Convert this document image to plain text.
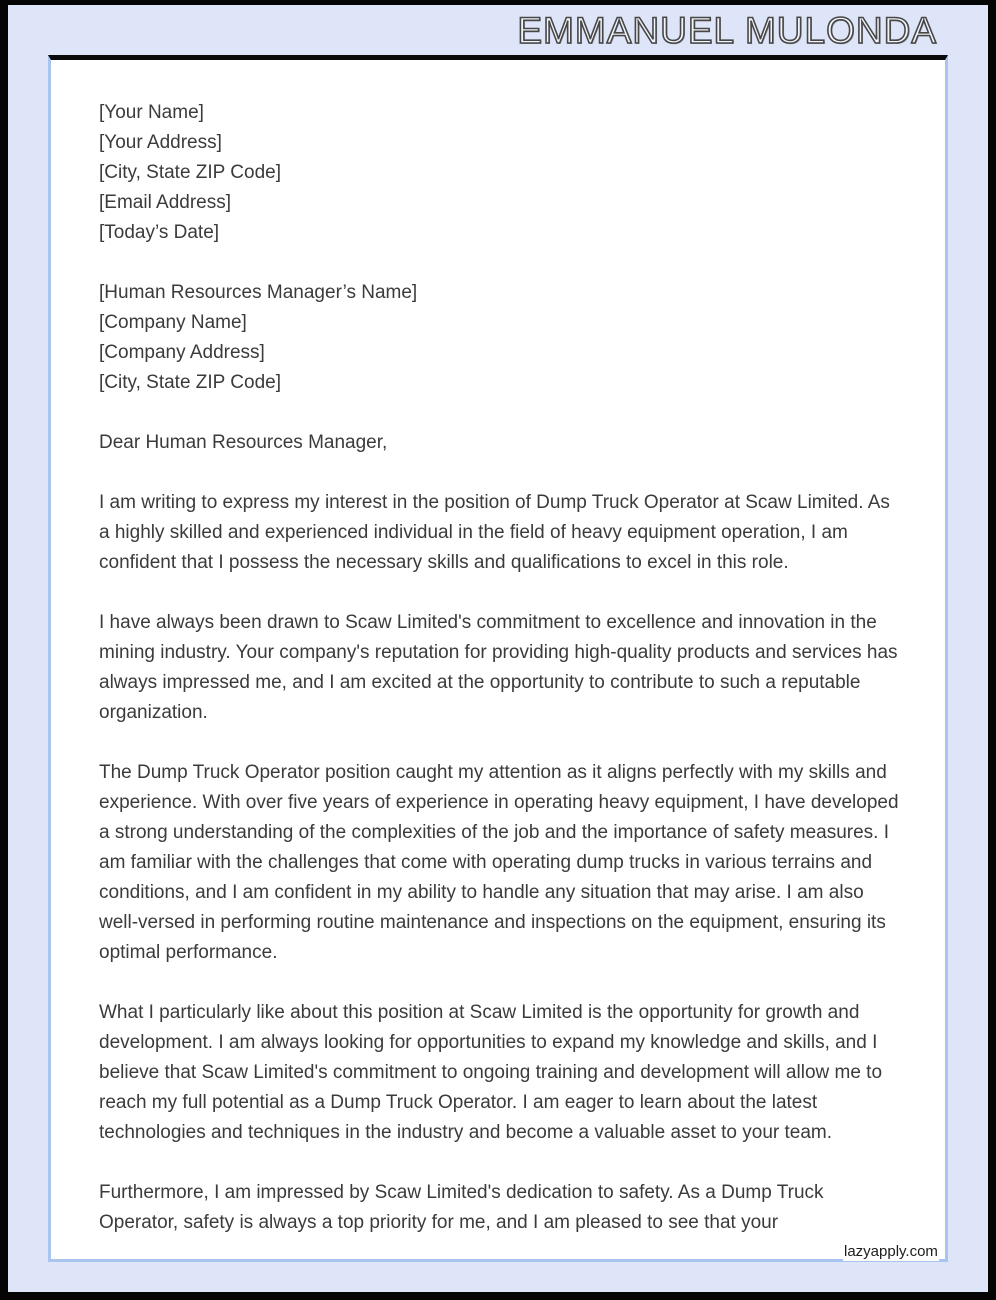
EMMANUEL MULONDA
[Your Name]
[Your Address]
[City, State ZIP Code]
[Email Address]
[Today’s Date]
[Human Resources Manager’s Name]
[Company Name]
[Company Address]
[City, State ZIP Code]

Dear Human Resources Manager,

I am writing to express my interest in the position of Dump Truck Operator at Scaw Limited. As a highly skilled and experienced individual in the field of heavy equipment operation, I am confident that I possess the necessary skills and qualifications to excel in this role.

I have always been drawn to Scaw Limited's commitment to excellence and innovation in the mining industry. Your company's reputation for providing high-quality products and services has always impressed me, and I am excited at the opportunity to contribute to such a reputable organization.

The Dump Truck Operator position caught my attention as it aligns perfectly with my skills and experience. With over five years of experience in operating heavy equipment, I have developed a strong understanding of the complexities of the job and the importance of safety measures. I am familiar with the challenges that come with operating dump trucks in various terrains and conditions, and I am confident in my ability to handle any situation that may arise. I am also well-versed in performing routine maintenance and inspections on the equipment, ensuring its optimal performance.

What I particularly like about this position at Scaw Limited is the opportunity for growth and development. I am always looking for opportunities to expand my knowledge and skills, and I believe that Scaw Limited's commitment to ongoing training and development will allow me to reach my full potential as a Dump Truck Operator. I am eager to learn about the latest technologies and techniques in the industry and become a valuable asset to your team.

Furthermore, I am impressed by Scaw Limited's dedication to safety. As a Dump Truck Operator, safety is always a top priority for me, and I am pleased to see that your

lazyapply.com
